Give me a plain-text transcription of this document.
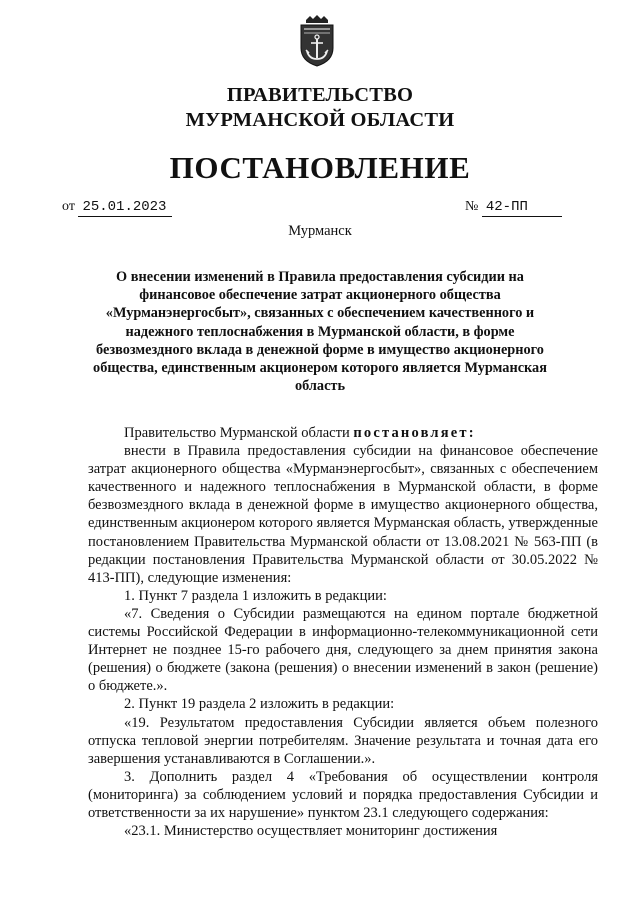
ПРАВИТЕЛЬСТВО
МУРМАНСКОЙ ОБЛАСТИ
ПОСТАНОВЛЕНИЕ
от 25.01.2023	№ 42-ПП
Мурманск
О внесении изменений в Правила предоставления субсидии на финансовое обеспечение затрат акционерного общества «Мурманэнергосбыт», связанных с обеспечением качественного и надежного теплоснабжения в Мурманской области, в форме безвозмездного вклада в денежной форме в имущество акционерного общества, единственным акционером которого является Мурманская область

Правительство Мурманской области постановляет:

внести в Правила предоставления субсидии на финансовое обеспечение затрат акционерного общества «Мурманэнергосбыт», связанных с обеспечением качественного и надежного теплоснабжения в Мурманской области, в форме безвозмездного вклада в денежной форме в имущество акционерного общества, единственным акционером которого является Мурманская область, утвержденные постановлением Правительства Мурманской области от 13.08.2021 № 563-ПП (в редакции постановления Правительства Мурманской области от 30.05.2022 № 413-ПП), следующие изменения:

1. Пункт 7 раздела 1 изложить в редакции:

«7. Сведения о Субсидии размещаются на едином портале бюджетной системы Российской Федерации в информационно-телекоммуникационной сети Интернет не позднее 15-го рабочего дня, следующего за днем принятия закона (решения) о бюджете (закона (решения) о внесении изменений в закон (решение) о бюджете.».

2. Пункт 19 раздела 2 изложить в редакции:

«19. Результатом предоставления Субсидии является объем полезного отпуска тепловой энергии потребителям. Значение результата и точная дата его завершения устанавливаются в Соглашении.».

3. Дополнить раздел 4 «Требования об осуществлении контроля (мониторинга) за соблюдением условий и порядка предоставления Субсидии и ответственности за их нарушение» пунктом 23.1 следующего содержания:

«23.1. Министерство осуществляет мониторинг достижения
